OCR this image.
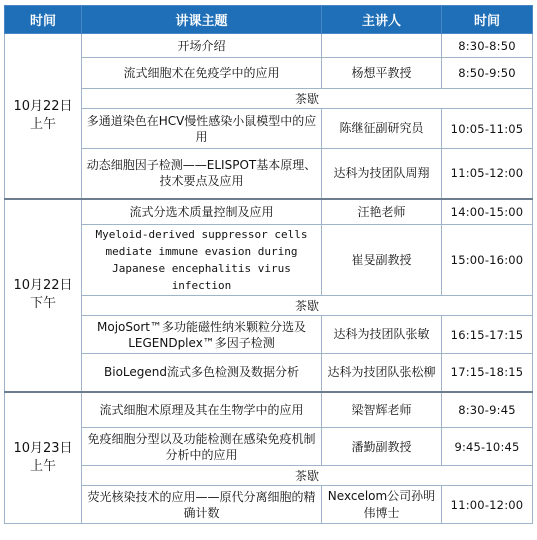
时间	讲课主题	主讲人	时间
10月22日上午	开场介绍		8:30-8:50
	流式细胞术在免疫学中的应用	杨想平教授	8:50-9:50
	茶歇		
	多通道染色在HCV慢性感染小鼠模型中的应用	陈继征副研究员	10:05-11:05
	动态细胞因子检测——ELISPOT基本原理、技术要点及应用	达科为技团队周翔	11:05-12:00
10月22日下午	流式分选术质量控制及应用	汪艳老师	14:00-15:00
	Myeloid-derived suppressor cells mediate immune evasion during Japanese encephalitis virus infection	崔旻副教授	15:00-16:00
	茶歇		
	MojoSort™多功能磁性纳米颗粒分选及LEGENDplex™多因子检测	达科为技团队张敏	16:15-17:15
	BioLegend流式多色检测及数据分析	达科为技团队张松柳	17:15-18:15
10月23日上午	流式细胞术原理及其在生物学中的应用	梁智辉老师	8:30-9:45
	免疫细胞分型以及功能检测在感染免疫机制分析中的应用	潘勤副教授	9:45-10:45
	茶歇		
	荧光核染技术的应用——原代分离细胞的精确计数	Nexcelom公司孙明伟博士	11:00-12:00
